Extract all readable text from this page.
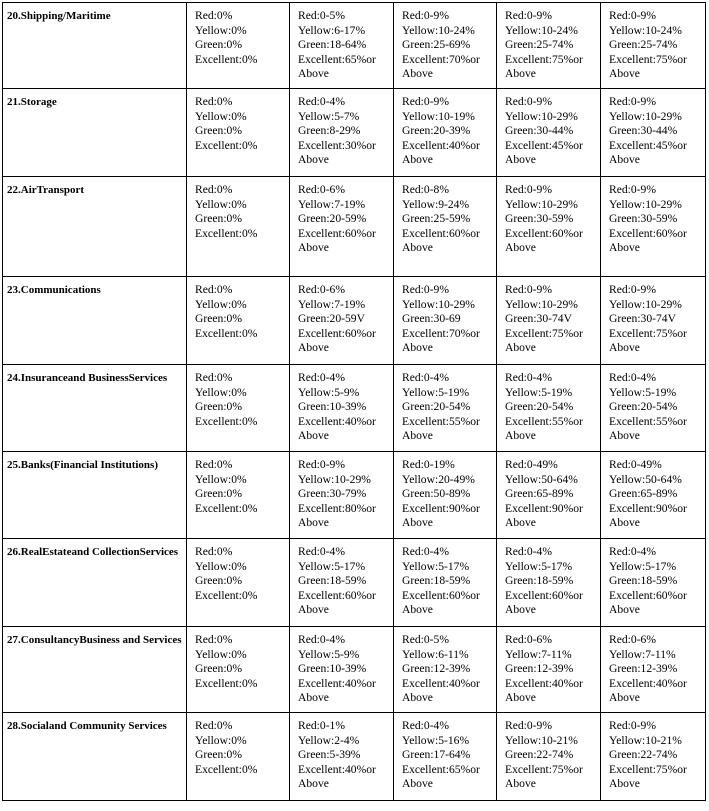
20.Shipping/Maritime	Red:0%
Yellow:0%
Green:0%
Excellent:0%	Red:0-5%
Yellow:6-17%
Green:18-64%
Excellent:65%or
Above	Red:0-9%
Yellow:10-24%
Green:25-69%
Excellent:70%or
Above	Red:0-9%
Yellow:10-24%
Green:25-74%
Excellent:75%or
Above	Red:0-9%
Yellow:10-24%
Green:25-74%
Excellent:75%or
Above

21.Storage	Red:0%
Yellow:0%
Green:0%
Excellent:0%	Red:0-4%
Yellow:5-7%
Green:8-29%
Excellent:30%or
Above	Red:0-9%
Yellow:10-19%
Green:20-39%
Excellent:40%or
Above	Red:0-9%
Yellow:10-29%
Green:30-44%
Excellent:45%or
Above	Red:0-9%
Yellow:10-29%
Green:30-44%
Excellent:45%or
Above

22.AirTransport	Red:0%
Yellow:0%
Green:0%
Excellent:0%	Red:0-6%
Yellow:7-19%
Green:20-59%
Excellent:60%or
Above	Red:0-8%
Yellow:9-24%
Green:25-59%
Excellent:60%or
Above	Red:0-9%
Yellow:10-29%
Green:30-59%
Excellent:60%or
Above	Red:0-9%
Yellow:10-29%
Green:30-59%
Excellent:60%or
Above

23.Communications	Red:0%
Yellow:0%
Green:0%
Excellent:0%	Red:0-6%
Yellow:7-19%
Green:20-59V
Excellent:60%or
Above	Red:0-9%
Yellow:10-29%
Green:30-69
Excellent:70%or
Above	Red:0-9%
Yellow:10-29%
Green:30-74V
Excellent:75%or
Above	Red:0-9%
Yellow:10-29%
Green:30-74V
Excellent:75%or
Above

24.Insuranceand BusinessServices	Red:0%
Yellow:0%
Green:0%
Excellent:0%	Red:0-4%
Yellow:5-9%
Green:10-39%
Excellent:40%or
Above	Red:0-4%
Yellow:5-19%
Green:20-54%
Excellent:55%or
Above	Red:0-4%
Yellow:5-19%
Green:20-54%
Excellent:55%or
Above	Red:0-4%
Yellow:5-19%
Green:20-54%
Excellent:55%or
Above

25.Banks(Financial Institutions)	Red:0%
Yellow:0%
Green:0%
Excellent:0%	Red:0-9%
Yellow:10-29%
Green:30-79%
Excellent:80%or
Above	Red:0-19%
Yellow:20-49%
Green:50-89%
Excellent:90%or
Above	Red:0-49%
Yellow:50-64%
Green:65-89%
Excellent:90%or
Above	Red:0-49%
Yellow:50-64%
Green:65-89%
Excellent:90%or
Above

26.RealEstateand CollectionServices	Red:0%
Yellow:0%
Green:0%
Excellent:0%	Red:0-4%
Yellow:5-17%
Green:18-59%
Excellent:60%or
Above	Red:0-4%
Yellow:5-17%
Green:18-59%
Excellent:60%or
Above	Red:0-4%
Yellow:5-17%
Green:18-59%
Excellent:60%or
Above	Red:0-4%
Yellow:5-17%
Green:18-59%
Excellent:60%or
Above

27.ConsultancyBusiness and Services	Red:0%
Yellow:0%
Green:0%
Excellent:0%	Red:0-4%
Yellow:5-9%
Green:10-39%
Excellent:40%or
Above	Red:0-5%
Yellow:6-11%
Green:12-39%
Excellent:40%or
Above	Red:0-6%
Yellow:7-11%
Green:12-39%
Excellent:40%or
Above	Red:0-6%
Yellow:7-11%
Green:12-39%
Excellent:40%or
Above

28.Socialand Community Services	Red:0%
Yellow:0%
Green:0%
Excellent:0%	Red:0-1%
Yellow:2-4%
Green:5-39%
Excellent:40%or
Above	Red:0-4%
Yellow:5-16%
Green:17-64%
Excellent:65%or
Above	Red:0-9%
Yellow:10-21%
Green:22-74%
Excellent:75%or
Above	Red:0-9%
Yellow:10-21%
Green:22-74%
Excellent:75%or
Above
